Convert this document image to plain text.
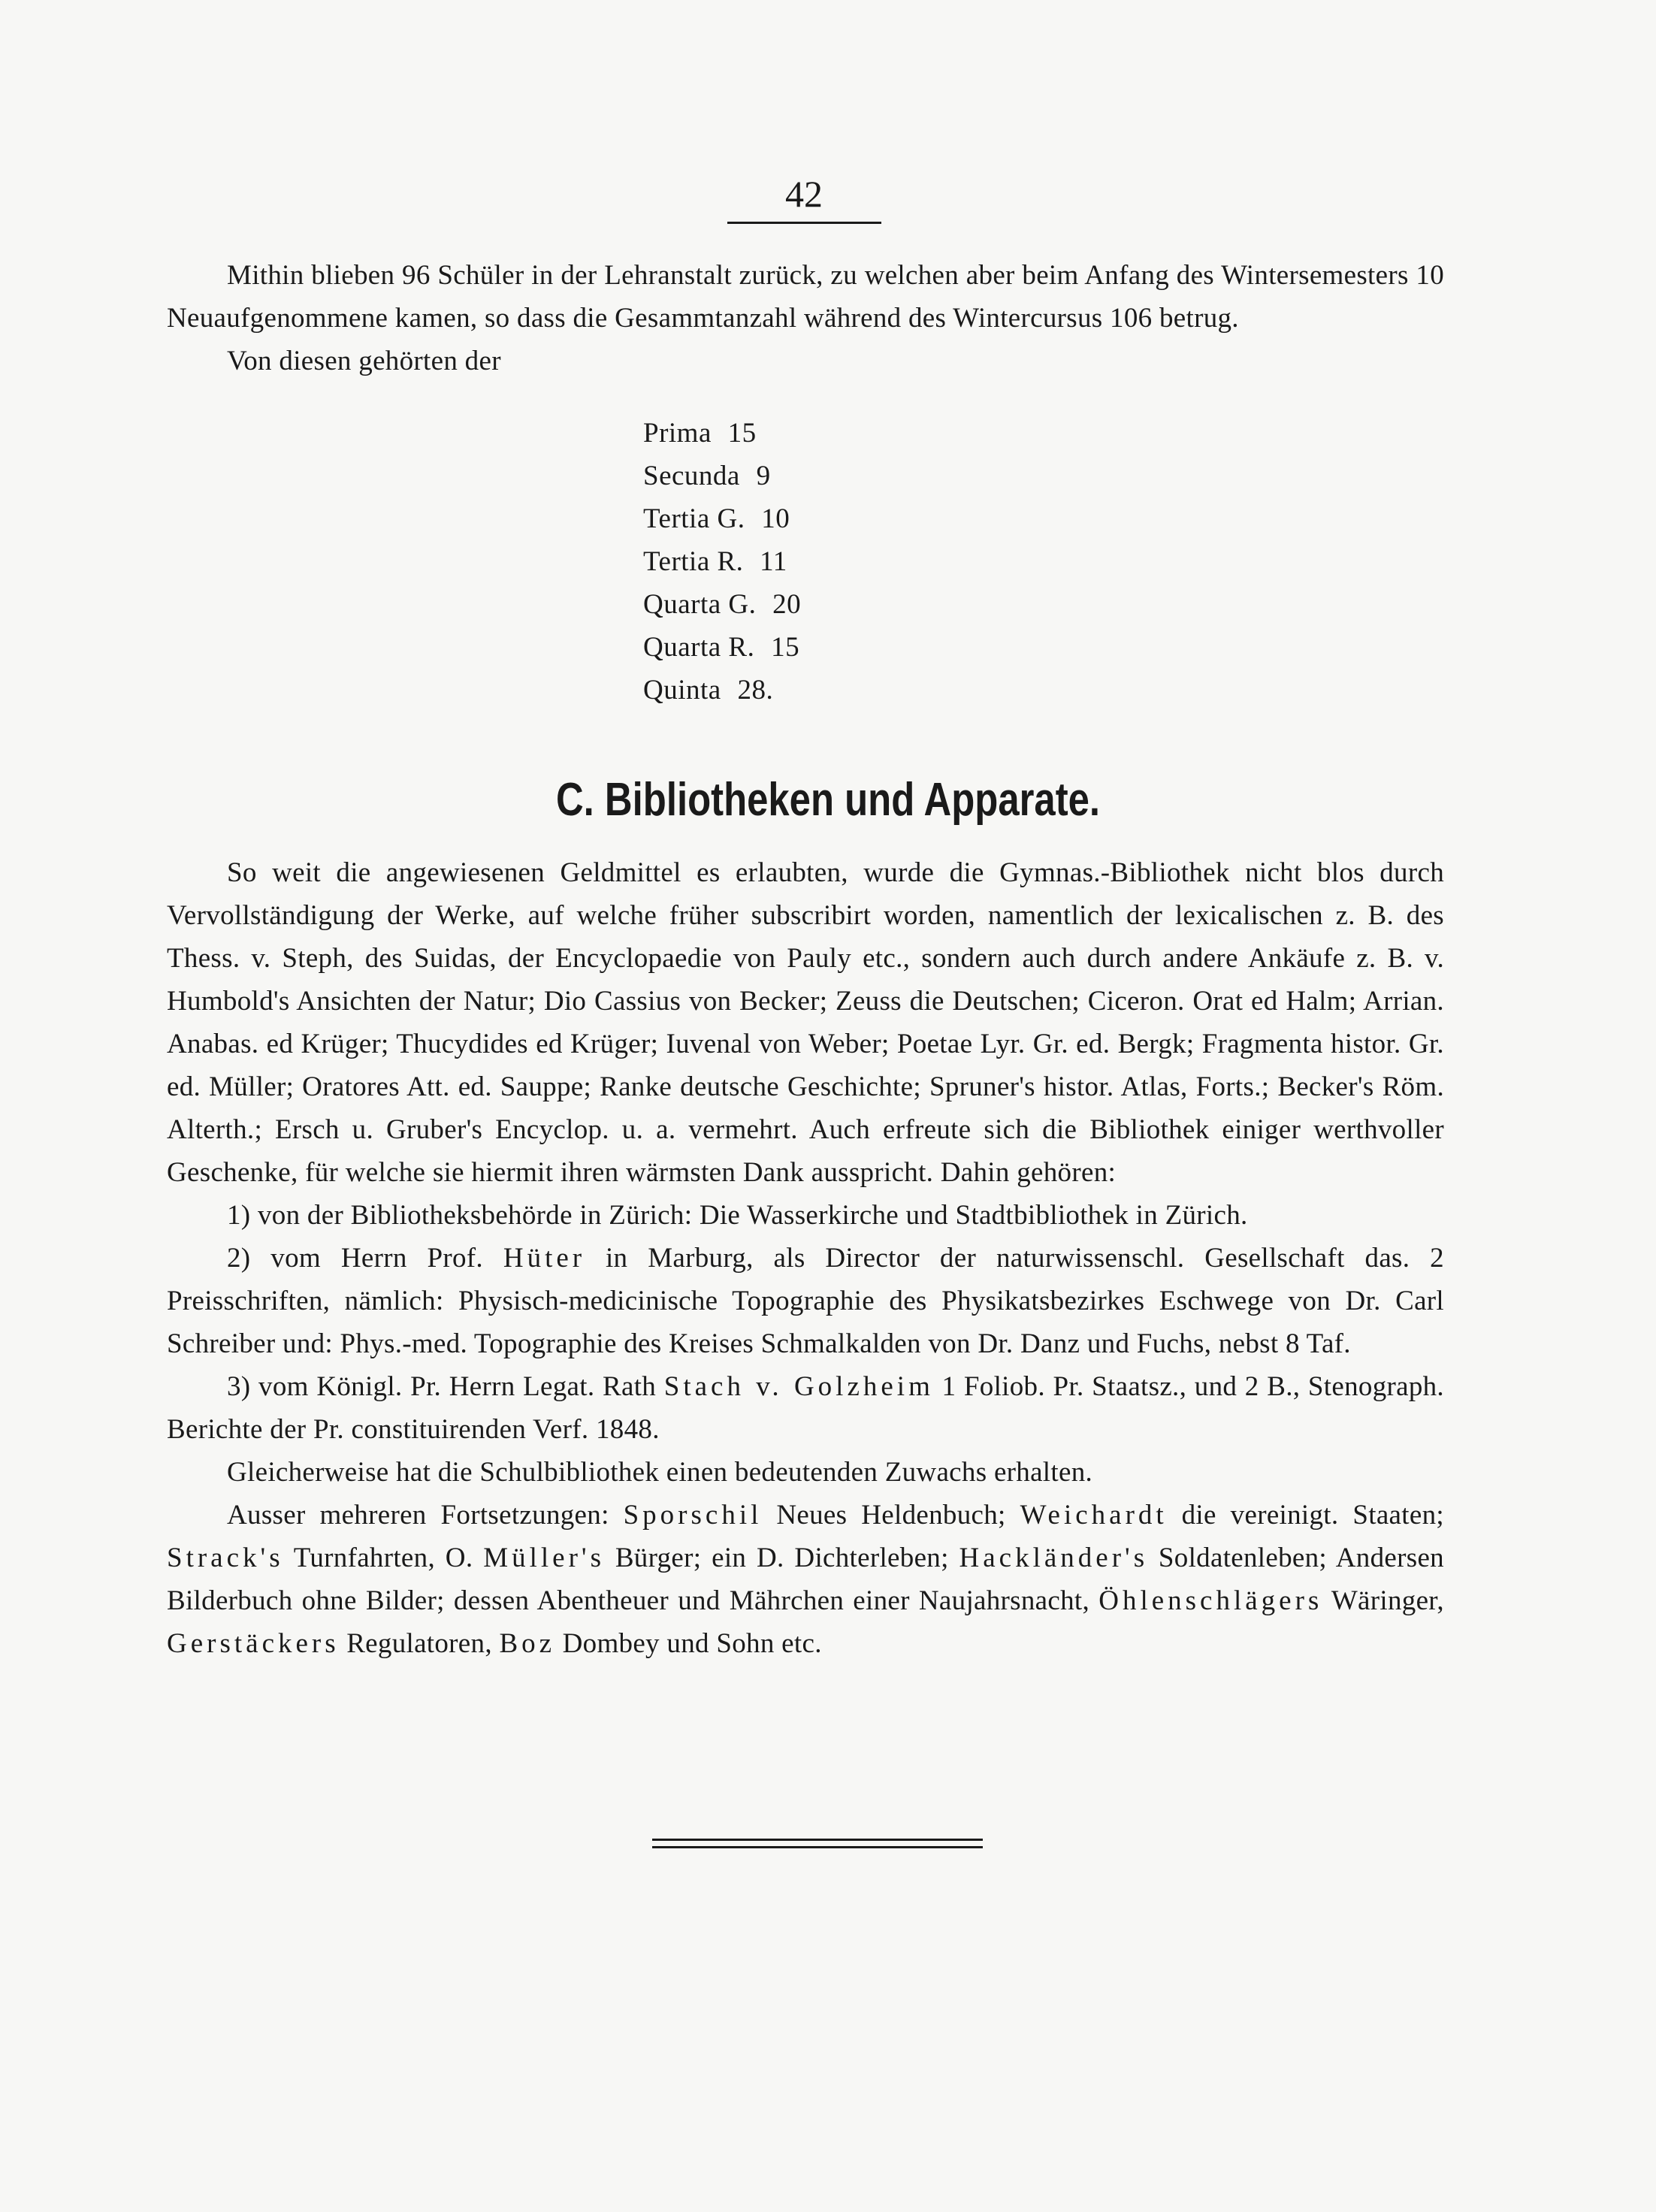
42

Mithin blieben 96 Schüler in der Lehranstalt zurück, zu welchen aber beim Anfang des Wintersemesters 10 Neuaufgenommene kamen, so dass die Gesammtanzahl während des Wintercursus 106 betrug.

Von diesen gehörten der

Prima 15
Secunda 9
Tertia G. 10
Tertia R. 11
Quarta G. 20
Quarta R. 15
Quinta 28.
C. Bibliotheken und Apparate.

So weit die angewiesenen Geldmittel es erlaubten, wurde die Gymnas.-Bibliothek nicht blos durch Vervollständigung der Werke, auf welche früher subscribirt worden, namentlich der lexicalischen z. B. des Thess. v. Steph, des Suidas, der Encyclopaedie von Pauly etc., sondern auch durch andere Ankäufe z. B. v. Humbold's Ansichten der Natur; Dio Cassius von Becker; Zeuss die Deutschen; Ciceron. Orat ed Halm; Arrian. Anabas. ed Krüger; Thucydides ed Krüger; Iuvenal von Weber; Poetae Lyr. Gr. ed. Bergk; Fragmenta histor. Gr. ed. Müller; Oratores Att. ed. Sauppe; Ranke deutsche Geschichte; Spruner's histor. Atlas, Forts.; Becker's Röm. Alterth.; Ersch u. Gruber's Encyclop. u. a. vermehrt. Auch erfreute sich die Bibliothek einiger werthvoller Geschenke, für welche sie hiermit ihren wärmsten Dank ausspricht. Dahin gehören:

1) von der Bibliotheksbehörde in Zürich: Die Wasserkirche und Stadtbibliothek in Zürich.

2) vom Herrn Prof. Hüter in Marburg, als Director der naturwissenschl. Gesellschaft das. 2 Preisschriften, nämlich: Physisch-medicinische Topographie des Physikatsbezirkes Eschwege von Dr. Carl Schreiber und: Phys.-med. Topographie des Kreises Schmalkalden von Dr. Danz und Fuchs, nebst 8 Taf.

3) vom Königl. Pr. Herrn Legat. Rath Stach v. Golzheim 1 Foliob. Pr. Staatsz., und 2 B., Stenograph. Berichte der Pr. constituirenden Verf. 1848.

Gleicherweise hat die Schulbibliothek einen bedeutenden Zuwachs erhalten.

Ausser mehreren Fortsetzungen: Sporschil Neues Heldenbuch; Weichardt die vereinigt. Staaten; Strack's Turnfahrten, O. Müller's Bürger; ein D. Dichterleben; Hackländer's Soldatenleben; Andersen Bilderbuch ohne Bilder; dessen Abentheuer und Mährchen einer Naujahrsnacht, Öhlenschlägers Wäringer, Gerstäckers Regulatoren, Boz Dombey und Sohn etc.
